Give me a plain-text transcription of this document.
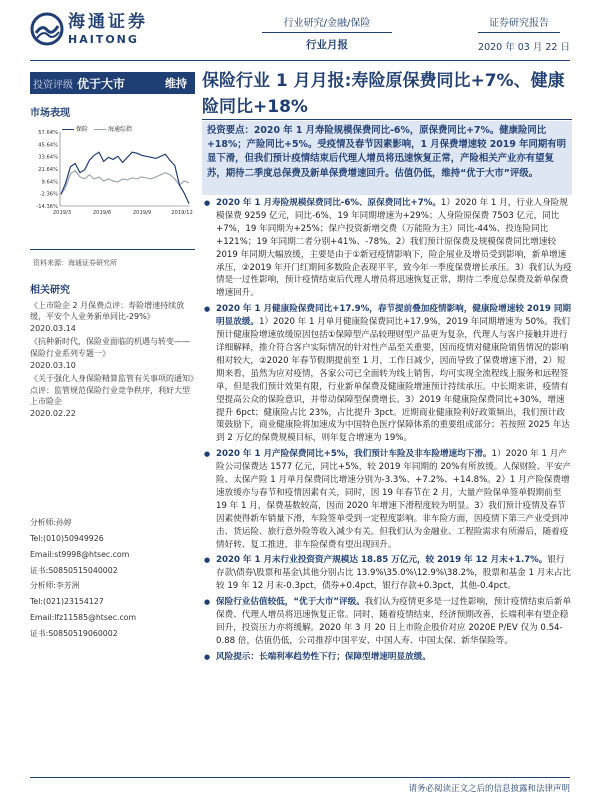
海通证券
HAITONG
行业研究/金融/保险
行业月报
证券研究报告
2020 年 03 月 22 日
投资评级 优于大市	维持
市场表现
保险	海通综指
57.64%
45.64%
33.64%
21.64%
9.64%
-2.36%
-14.36%
2019/3	2019/6	2019/9	2019/12
资料来源：海通证券研究所
相关研究
《上市险企 2 月保费点评：寿险增速持续放缓，平安个人业务新单同比-29%》
2020.03.14
《抗种新时代，保险业面临的机遇与转变——保险行业系列专题一》
2020.03.10
《关于强化人身保险精算监管有关事项的通知》点评：监管规范保险行业竞争秩序，利好大型上市险企
2020.02.22
分析师:孙婷
Tel:(010)50949926
Email:st9998@htsec.com
证书:S0850515040002
分析师:李芳洲
Tel:(021)23154127
Email:lfz11585@htsec.com
证书:S0850519060002
保险行业 1 月月报:寿险原保费同比+7%、健康险同比+18%
投资要点：2020 年 1 月寿险规模保费同比-6%，原保费同比+7%。健康险同比+18%；产险同比+5%。受疫情及春节因素影响，1 月保费增速较 2019 年同期有明显下滑，但我们预计疫情结束后代理人增员将迅速恢复正常，产险相关产业亦有望复苏，期待二季度总保费及新单保费增速回升。估值仍低，维持“优于大市”评级。
● 2020 年 1 月寿险规模保费同比-6%、原保费同比+7%。1）2020 年 1 月，行业人身险规模保费 9259 亿元，同比-6%，19 年同期增速为+29%；人身险原保费 7503 亿元，同比+7%，19 年同期为+25%；保户投资新增交费（万能险为主）同比-44%、投连险同比+121%；19 年同期二者分别+41%、-78%。2）我们预计原保费及规模保费同比增速较 2019 年同期大幅放缓，主要是由于①新冠疫情影响下，险企展业及增员受到影响，新单增速承压，②2019 年开门红期间多数险企表现平平，致今年一季度保费增长承压。3）我们认为疫情是一过性影响，预计疫情结束后代理人增员将迅速恢复正常，期待二季度总保费及新单保费增速回升。
● 2020 年 1 月健康险保费同比+17.9%，春节提前叠加疫情影响，健康险增速较 2019 同期明显放缓。1）2020 年 1 月单月健康险保费同比+17.9%，2019 年同期增速为 50%。我们预计健康险增速放缓原因包括①保障型产品较理财型产品更为复杂，代理人与客户接触并进行详细解释，推介符合客户实际情况的针对性产品至关重要，因而疫情对健康险销售情况的影响相对较大，②2020 年春节假期提前至 1 月，工作日减少，因而导致了保费增速下滑，2）短期来看，虽然为应对疫情，各家公司已全面转为线上销售，均可实现全流程线上服务和远程签单，但是我们预计效果有限，行业新单保费及健康险增速预计持续承压。中长期来讲，疫情有望提高公众的保险意识，并带动保障型保费增长。3）2019 年健康险保费同比+30%，增速提升 6pct；健康险占比 23%，占比提升 3pct。近期商业健康险利好政策频出，我们预计政策鼓励下，商业健康险将加速成为中国特色医疗保障体系的重要组成部分；若按照 2025 年达到 2 万亿的保费规模目标，则年复合增速为 19%。
● 2020 年 1 月产险保费同比+5%，我们预计车险及非车险增速均下滑。1）2020 年 1 月产险公司保费达 1577 亿元，同比+5%，较 2019 年同期的 20%有所放缓。人保财险、平安产险、太保产险 1 月单月保费同比增速分别为-3.3%、+7.2%、+14.8%。2）1 月产险保费增速放缓亦与春节和疫情因素有关，同时，因 19 年春节在 2 月，大量产险保单签单假期前至 19 年 1 月，保费基数较高，因而 2020 年增速下滑程度较为明显。3）我们预计疫情及春节因素使得新车销量下滑，车险签单受到一定程度影响。非车险方面，因疫情下第三产业受到冲击、货运险、旅行意外险等收入减少有关。但我们认为金融业、工程险需求有所滞后，随着疫情好转、复工推进，非车险保费有望出现回升。
● 2020 年 1 月末行业投资资产规模达 18.85 万亿元，较 2019 年 12 月末+1.7%。银行存款\债券\股票和基金\其他分别占比 13.9%\35.0%\12.9%\38.2%，股票和基金 1 月末占比较 19 年 12 月末-0.3pct，债券+0.4pct，银行存款+0.3pct，其他-0.4pct。
● 保险行业估值较低，“优于大市”评级。我们认为疫情更多是一过性影响，预计疫情结束后新单保费、代理人增员将迅速恢复正常。同时，随着疫情结束，经济预期改善，长端利率有望企稳回升，投资压力亦将缓解。2020 年 3 月 20 日上市险企股价对应 2020E P/EV 仅为 0.54-0.88 倍，估值仍低，公司推荐中国平安、中国人寿、中国太保、新华保险等。
● 风险提示：长端利率趋势性下行；保障型增速明显放缓。
请务必阅读正文之后的信息披露和法律声明
